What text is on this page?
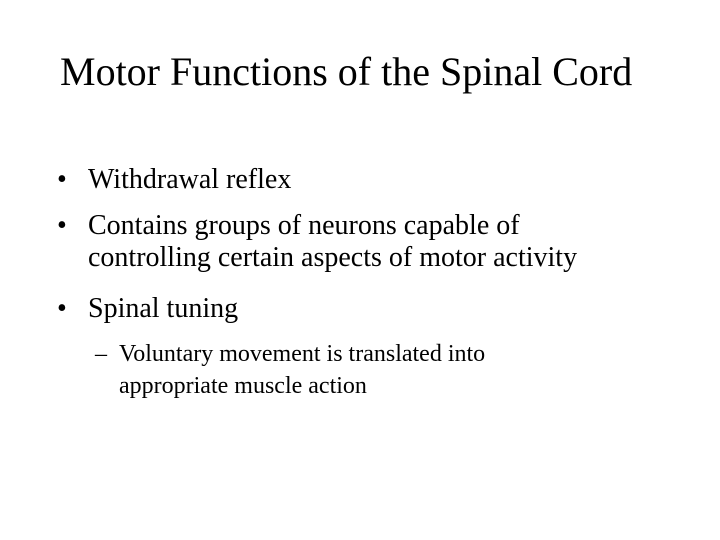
Motor Functions of the Spinal Cord
• Withdrawal reflex
• Contains groups of neurons capable of
controlling certain aspects of motor activity
• Spinal tuning
– Voluntary movement is translated into
appropriate muscle action
